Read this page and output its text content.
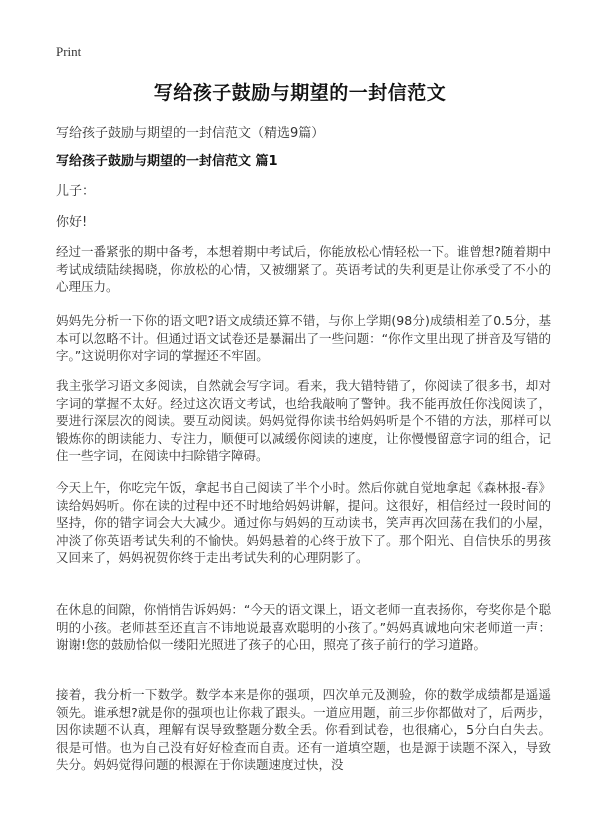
Print
写给孩子鼓励与期望的一封信范文
写给孩子鼓励与期望的一封信范文（精选9篇）
写给孩子鼓励与期望的一封信范文 篇1
儿子：
你好!

经过一番紧张的期中备考，本想着期中考试后，你能放松心情轻松一下。谁曾想?随着期中考试成绩陆续揭晓，你放松的心情，又被绷紧了。英语考试的失利更是让你承受了不小的心理压力。

妈妈先分析一下你的语文吧?语文成绩还算不错，与你上学期(98分)成绩相差了0.5分，基本可以忽略不计。但通过语文试卷还是暴漏出了一些问题：“你作文里出现了拼音及写错的字。”这说明你对字词的掌握还不牢固。

我主张学习语文多阅读，自然就会写字词。看来，我大错特错了，你阅读了很多书，却对字词的掌握不太好。经过这次语文考试，也给我敲响了警钟。我不能再放任你浅阅读了，要进行深层次的阅读。要互动阅读。妈妈觉得你读书给妈妈听是个不错的方法，那样可以锻炼你的朗读能力、专注力，顺便可以减缓你阅读的速度，让你慢慢留意字词的组合，记住一些字词，在阅读中扫除错字障碍。

今天上午，你吃完午饭，拿起书自己阅读了半个小时。然后你就自觉地拿起《森林报-春》读给妈妈听。你在读的过程中还不时地给妈妈讲解，提问。这很好，相信经过一段时间的坚持，你的错字词会大大减少。通过你与妈妈的互动读书，笑声再次回荡在我们的小屋，冲淡了你英语考试失利的不愉快。妈妈悬着的心终于放下了。那个阳光、自信快乐的男孩又回来了，妈妈祝贺你终于走出考试失利的心理阴影了。

在休息的间隙，你悄悄告诉妈妈：“今天的语文课上，语文老师一直表扬你，夸奖你是个聪明的小孩。老师甚至还直言不讳地说最喜欢聪明的小孩了。”妈妈真诚地向宋老师道一声：谢谢!您的鼓励恰似一缕阳光照进了孩子的心田，照亮了孩子前行的学习道路。

接着，我分析一下数学。数学本来是你的强项，四次单元及测验，你的数学成绩都是遥遥领先。谁承想?就是你的强项也让你栽了跟头。一道应用题，前三步你都做对了，后两步，因你读题不认真，理解有误导致整题分数全丢。你看到试卷，也很痛心，5分白白失去。很是可惜。也为自己没有好好检查而自责。还有一道填空题，也是源于读题不深入，导致失分。妈妈觉得问题的根源在于你读题速度过快，没
